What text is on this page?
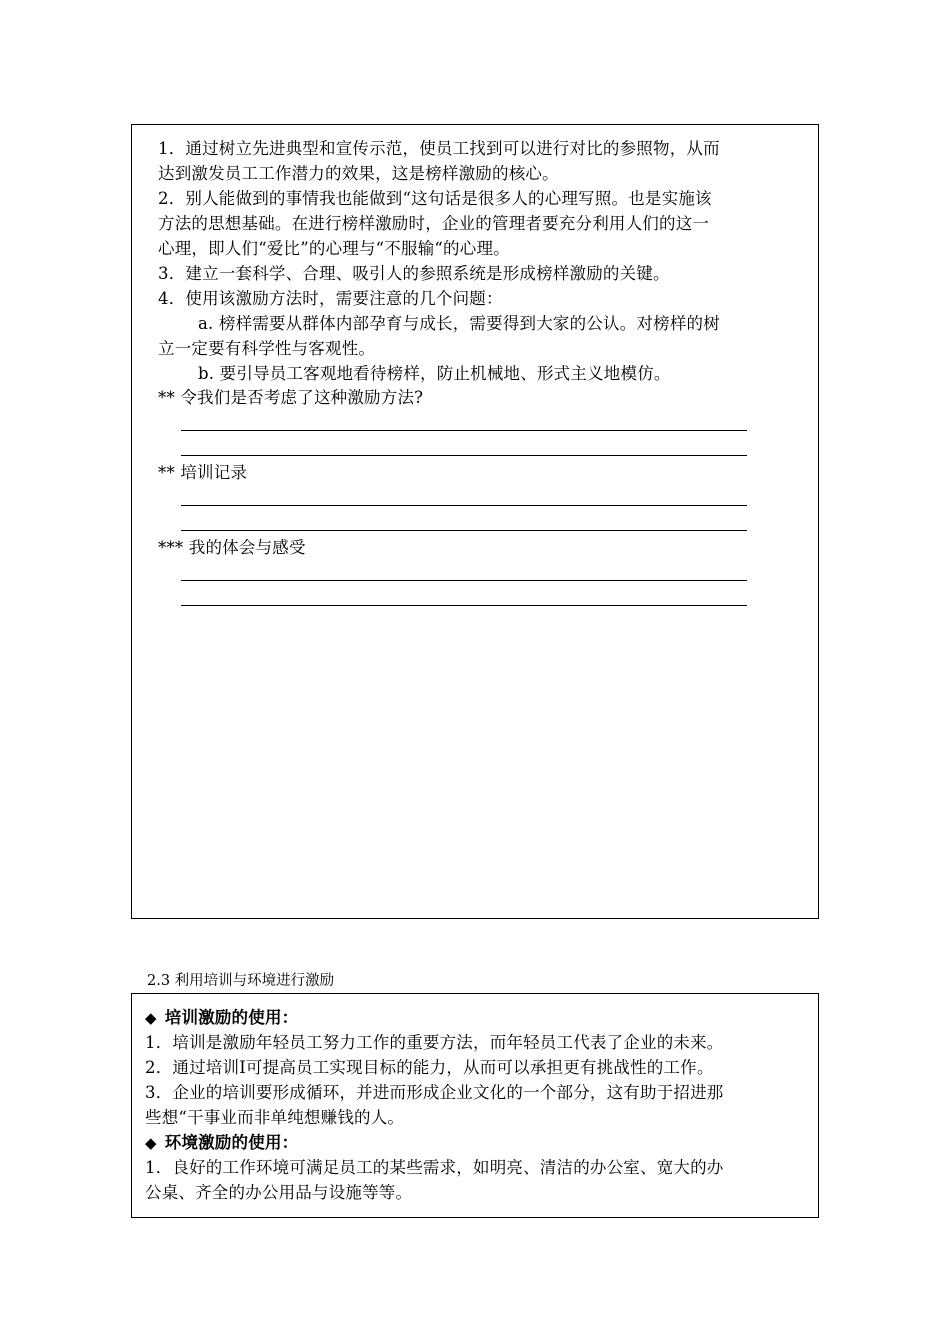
1．通过树立先进典型和宣传示范，使员工找到可以进行对比的参照物，从而
达到激发员工工作潜力的效果，这是榜样激励的核心。
2．别人能做到的事情我也能做到“这句话是很多人的心理写照。也是实施该
方法的思想基础。在进行榜样激励时，企业的管理者要充分利用人们的这一
心理，即人们“爱比”的心理与“不服输“的心理。
3．建立一套科学、合理、吸引人的参照系统是形成榜样激励的关键。
4．使用该激励方法时，需要注意的几个问题：
a. 榜样需要从群体内部孕育与成长，需要得到大家的公认。对榜样的树
立一定要有科学性与客观性。
b. 要引导员工客观地看待榜样，防止机械地、形式主义地模仿。
** 令我们是否考虑了这种激励方法?
** 培训记录
*** 我的体会与感受
2.3 利用培训与环境进行激励
◆ 培训激励的使用：
1．培训是激励年轻员工努力工作的重要方法，而年轻员工代表了企业的未来。
2．通过培训I可提高员工实现目标的能力，从而可以承担更有挑战性的工作。
3．企业的培训要形成循环，并进而形成企业文化的一个部分，这有助于招进那
些想“干事业而非单纯想赚钱的人。
◆ 环境激励的使用：
1．良好的工作环境可满足员工的某些需求，如明亮、清洁的办公室、宽大的办
公桌、齐全的办公用品与设施等等。
